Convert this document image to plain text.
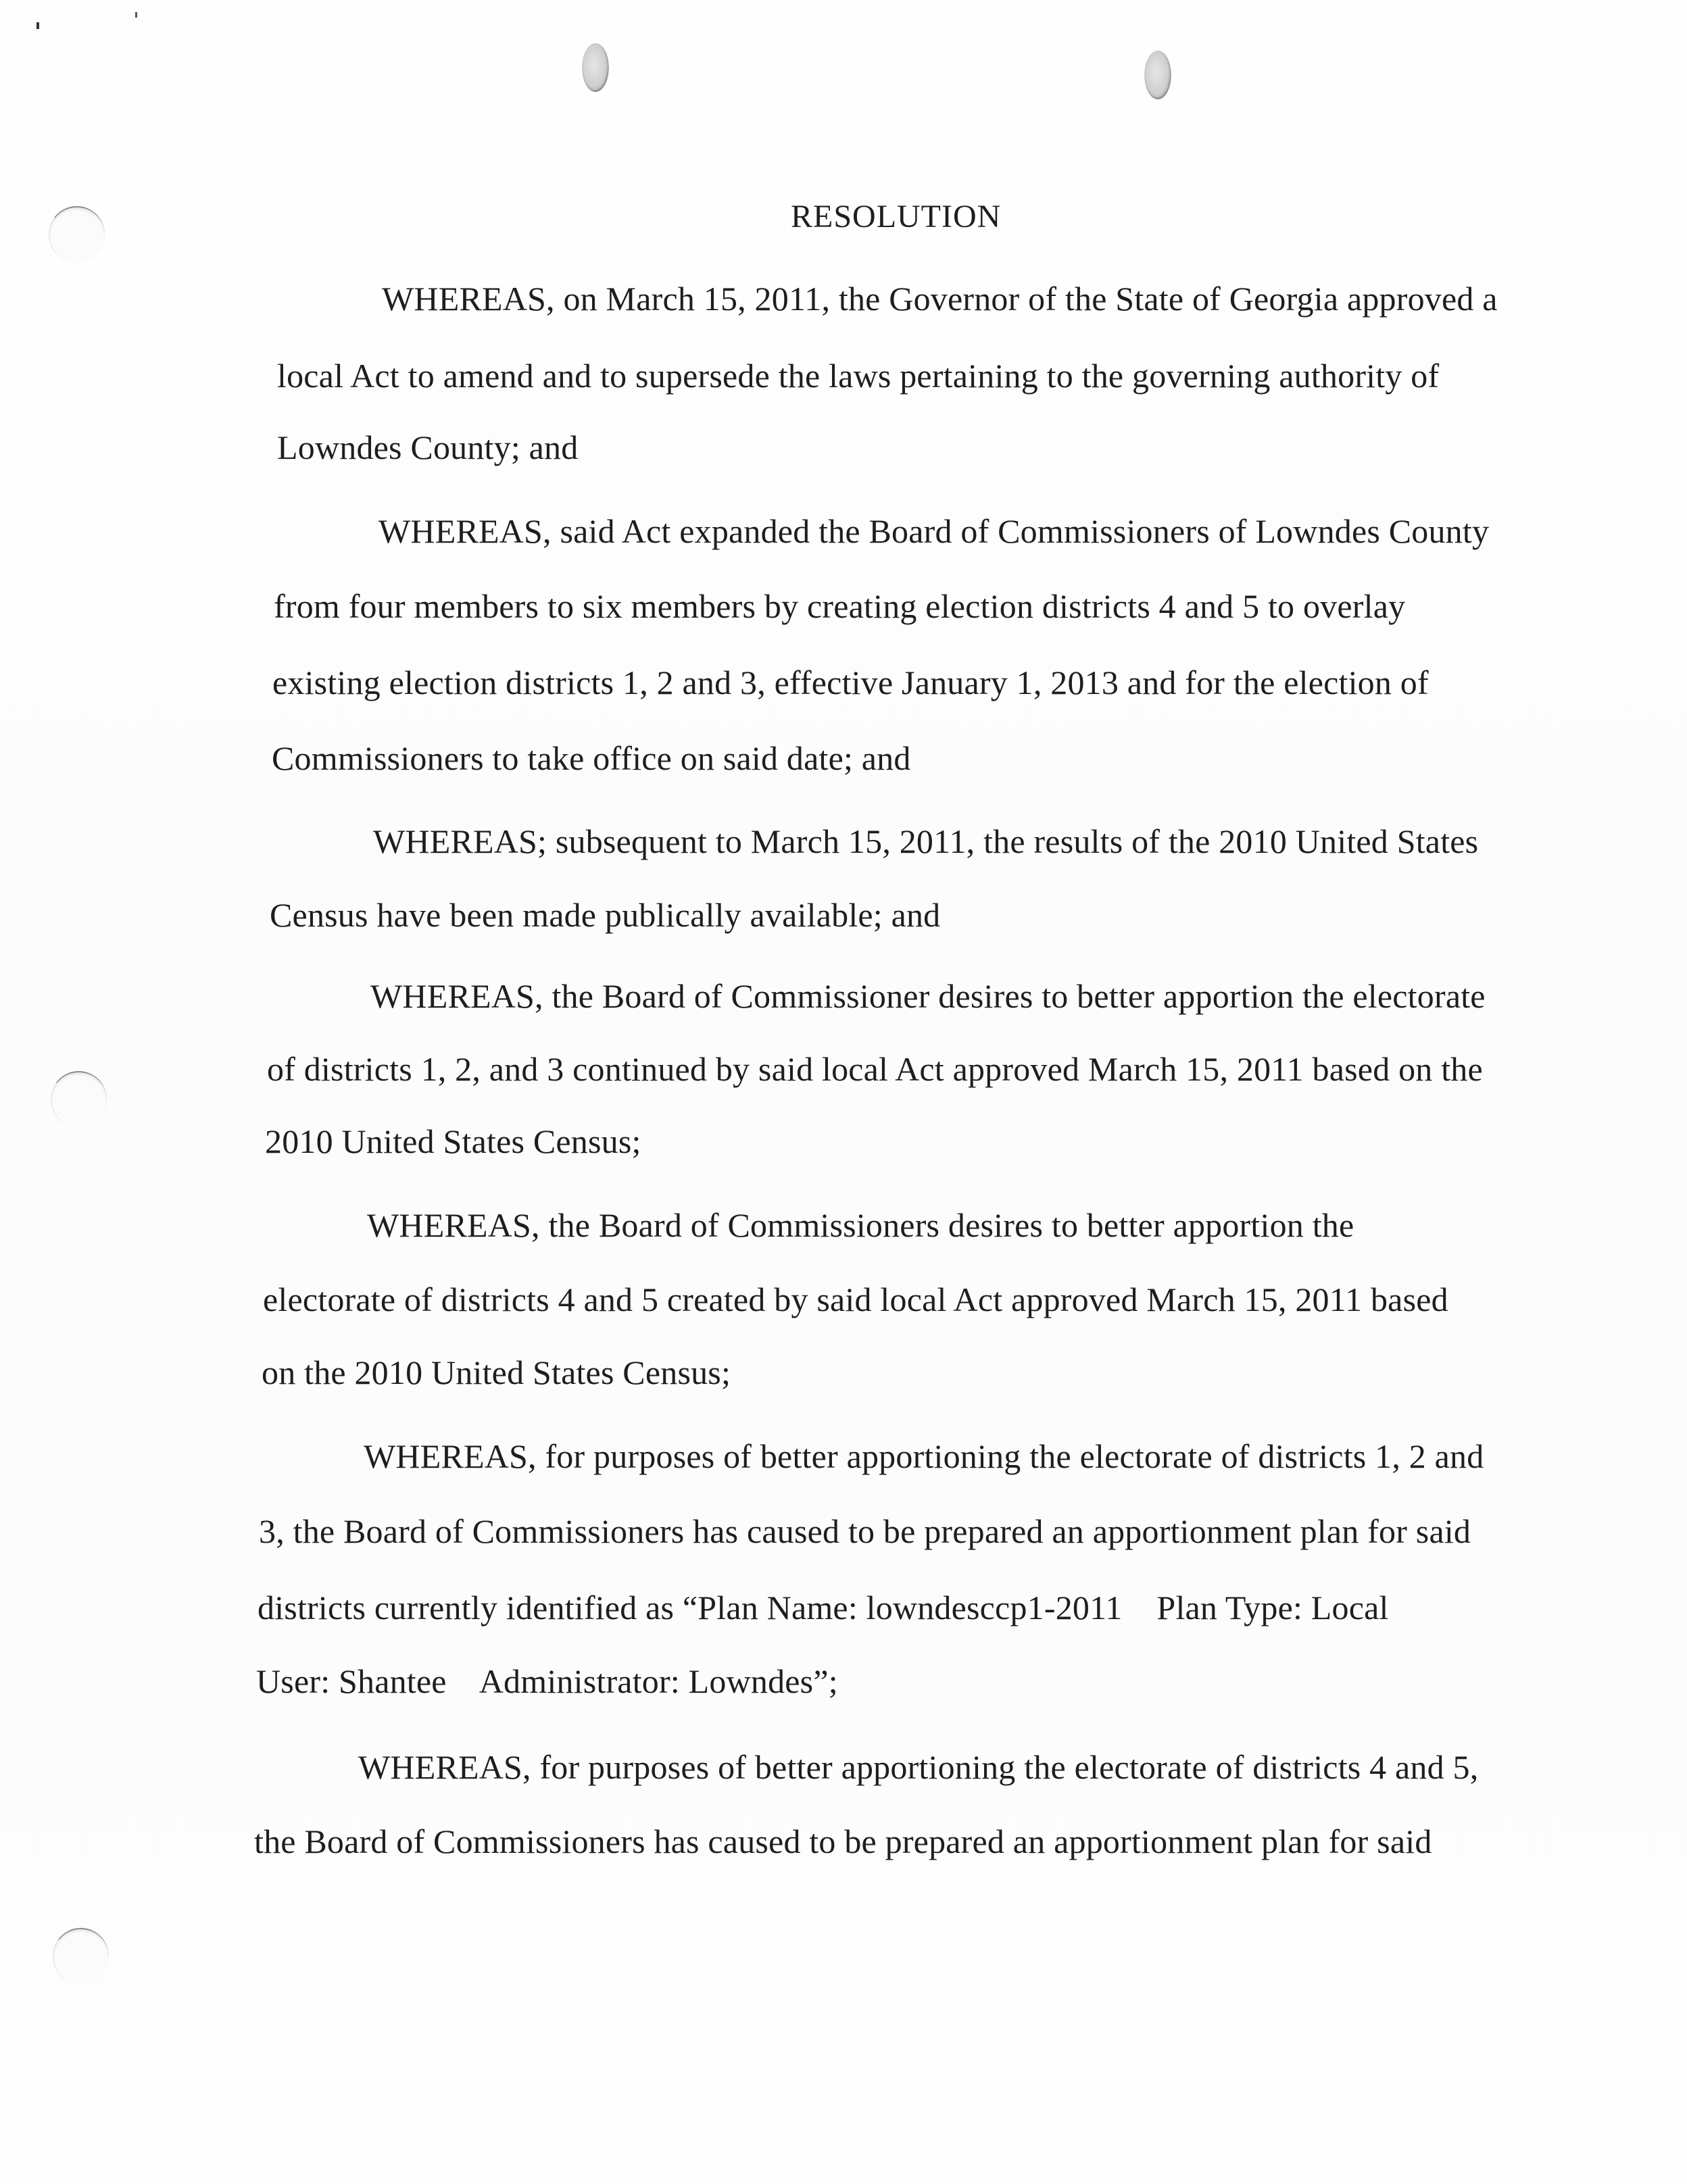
RESOLUTION
WHEREAS, on March 15, 2011, the Governor of the State of Georgia approved a
local Act to amend and to supersede the laws pertaining to the governing authority of
Lowndes County; and
WHEREAS, said Act expanded the Board of Commissioners of Lowndes County
from four members to six members by creating election districts 4 and 5 to overlay
existing election districts 1, 2 and 3, effective January 1, 2013 and for the election of
Commissioners to take office on said date; and
WHEREAS; subsequent to March 15, 2011, the results of the 2010 United States
Census have been made publically available; and
WHEREAS, the Board of Commissioner desires to better apportion the electorate
of districts 1, 2, and 3 continued by said local Act approved March 15, 2011 based on the
2010 United States Census;
WHEREAS, the Board of Commissioners desires to better apportion the
electorate of districts 4 and 5 created by said local Act approved March 15, 2011 based
on the 2010 United States Census;
WHEREAS, for purposes of better apportioning the electorate of districts 1, 2 and
3, the Board of Commissioners has caused to be prepared an apportionment plan for said
districts currently identified as “Plan Name: lowndesccp1-2011    Plan Type: Local
User: Shantee    Administrator: Lowndes”;
WHEREAS, for purposes of better apportioning the electorate of districts 4 and 5,
the Board of Commissioners has caused to be prepared an apportionment plan for said
